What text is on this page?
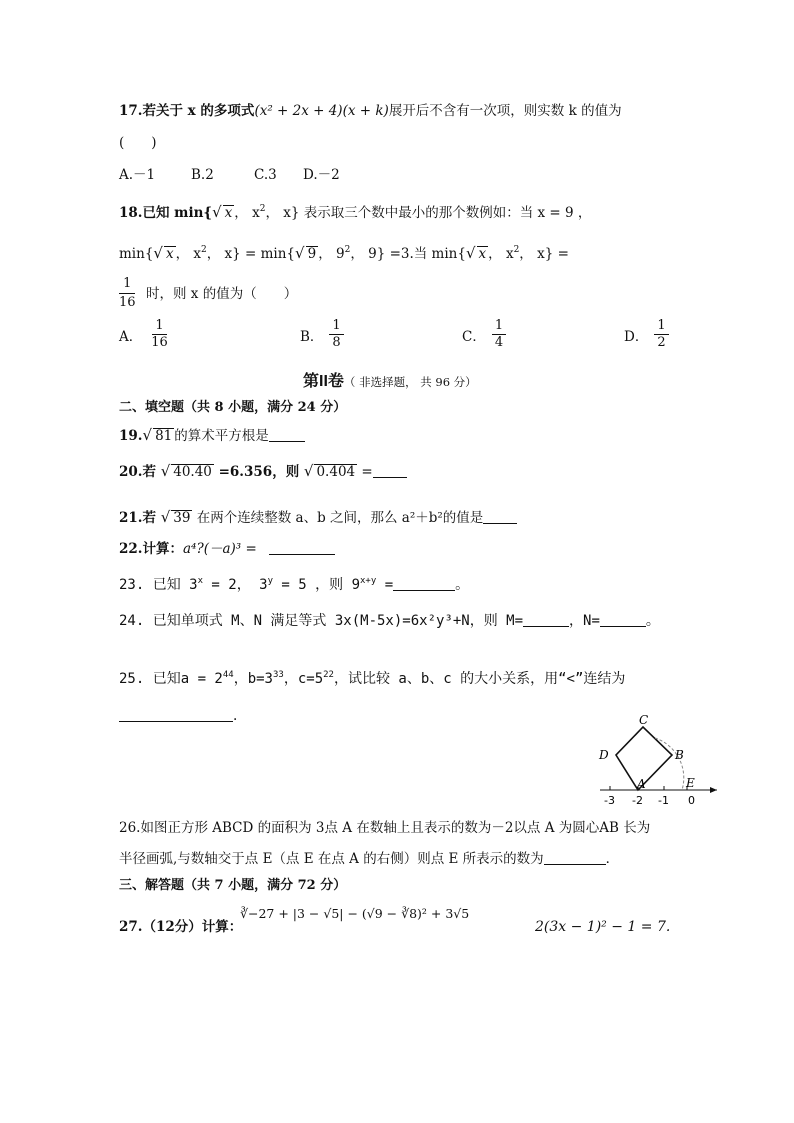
17.若关于 x 的多项式(x² + 2x + 4)(x + k)展开后不含有一次项，则实数 k 的值为
(　　)
A.－1	B.2	C.3 D.－2
18.已知 min{√ x ， $x^2$， x} 表示取三个数中最小的那个数例如：当 x = 9 ，
min{√ x ， $x^2$， x} = min{√ 9 ， $9^2$， 9} =3.当 min{√ x ， $x^2$， x} =
$\frac{1}{16}$ 时，则 x 的值为（　　）
A． $\frac{1}{16}$	B． $\frac{1}{8}$	C． $\frac{1}{4}$	D． $\frac{1}{2}$
第II卷（ 非选择题， 共 96 分）
二、填空题（共 8 小题，满分 24 分）
19.√ 81 的算术平方根是
20.若 √ 40.40 =6.356，则 √ 0.404 =
21.若 √ 39 在两个连续整数 a、b 之间，那么 a²＋b²的值是
22.计算：a⁴?(－a)³ =
23. 已知 $3^x = 2$， $3^y = 5$ ，则 $9^{x+y}$ =	。
24. 已知单项式 M、N 满足等式 3x(M-5x)=6x²y³+N，则 M=	，N=	。
25. 已知$a = 2^{44}$，$b=3^{33}$，$c=5^{22}$，试比较 a、b、c 的大小关系，用“<”连结为
.	C
D	B
A	E
-3 -2 -1 0
26.如图正方形 ABCD 的面积为 3点 A 在数轴上且表示的数为－2以点 A 为圆心AB 长为
半径画弧,与数轴交于点 E（点 E 在点 A 的右侧）则点 E 所表示的数为	．
三、解答题（共 7 小题，满分 72 分）
27.（12分）计算：
∛−27 + |3 − √5| − (√9 − ∛8)² + 3√5
2(3x − 1)² − 1 = 7.
